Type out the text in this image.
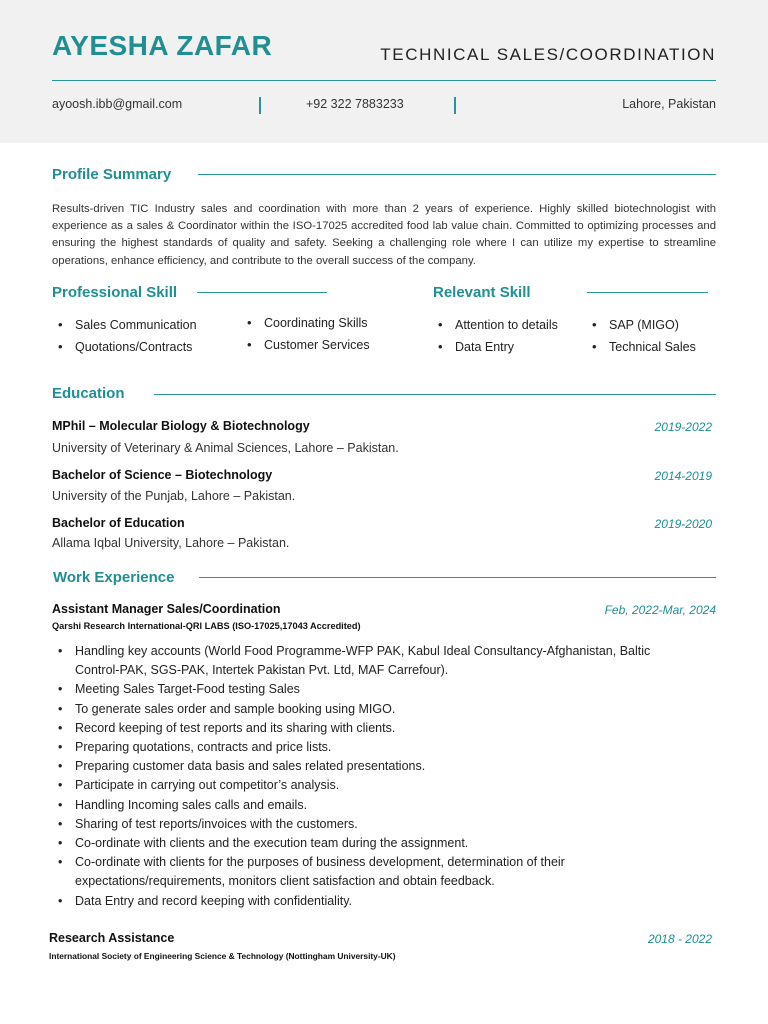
AYESHA ZAFAR	TECHNICAL SALES/COORDINATION
ayoosh.ibb@gmail.com	+92 322 7883233	Lahore, Pakistan
Profile Summary

Results-driven TIC Industry sales and coordination with more than 2 years of experience. Highly skilled biotechnologist with experience as a sales & Coordinator within the ISO-17025 accredited food lab value chain. Committed to optimizing processes and ensuring the highest standards of quality and safety. Seeking a challenging role where I can utilize my expertise to streamline operations, enhance efficiency, and contribute to the overall success of the company.

Professional Skill
• Sales Communication
• Quotations/Contracts
• Coordinating Skills
• Customer Services
Relevant Skill
• Attention to details
• Data Entry
• SAP (MIGO)
• Technical Sales
Education
MPhil – Molecular Biology & Biotechnology	2019-2022
University of Veterinary & Animal Sciences, Lahore – Pakistan.
Bachelor of Science – Biotechnology	2014-2019
University of the Punjab, Lahore – Pakistan.
Bachelor of Education	2019-2020
Allama Iqbal University, Lahore – Pakistan.
Work Experience
Assistant Manager Sales/Coordination	Feb, 2022-Mar, 2024
Qarshi Research International-QRI LABS (ISO-17025,17043 Accredited)
• Handling key accounts (World Food Programme-WFP PAK, Kabul Ideal Consultancy-Afghanistan, Baltic Control-PAK, SGS-PAK, Intertek Pakistan Pvt. Ltd, MAF Carrefour).
• Meeting Sales Target-Food testing Sales
• To generate sales order and sample booking using MIGO.
• Record keeping of test reports and its sharing with clients.
• Preparing quotations, contracts and price lists.
• Preparing customer data basis and sales related presentations.
• Participate in carrying out competitor’s analysis.
• Handling Incoming sales calls and emails.
• Sharing of test reports/invoices with the customers.
• Co-ordinate with clients and the execution team during the assignment.
• Co-ordinate with clients for the purposes of business development, determination of their expectations/requirements, monitors client satisfaction and obtain feedback.
• Data Entry and record keeping with confidentiality.
Research Assistance	2018 - 2022
International Society of Engineering Science & Technology (Nottingham University-UK)
